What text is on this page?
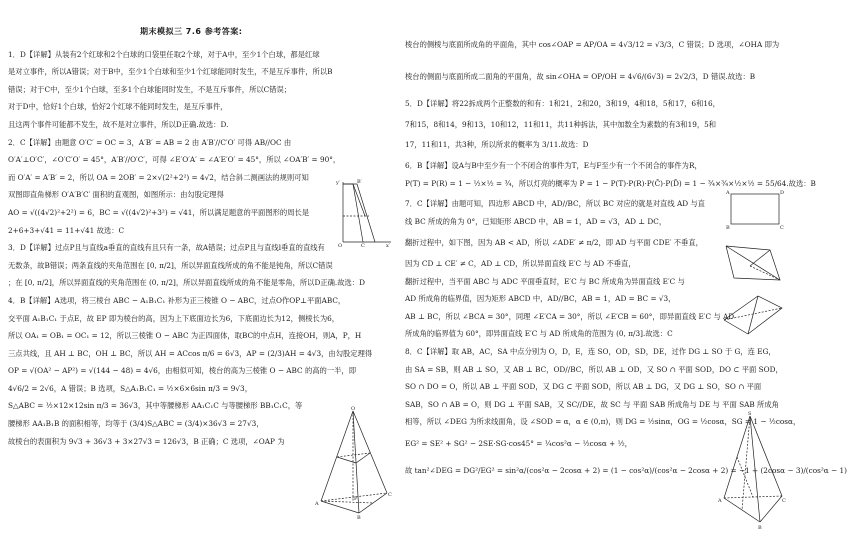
期末模拟三 7.6 参考答案:
1．D【详解】从装有2个红球和2个白球的口袋里任取2个球，对于A中，至少1个白球，都是红球
是对立事件，所以A错误；对于B中，至少1个白球和至少1个红球能同时发生，不是互斥事件，所以B
错误；对于C中，至少1个白球，至多1个白球能同时发生，不是互斥事件，所以C错误；
对于D中，恰好1个白球，恰好2个红球不能同时发生，是互斥事件，
且这两个事件可能都不发生，故不是对立事件，所以D正确.故选：D.
2．C【详解】由题意 O′C′ = OC = 3，A′B′ = AB = 2 由 A′B′//C′O′ 可得 AB//OC 由
O′A′⊥O′C′，∠O′C′O′ = 45°，A′B′//O′C′，可得 ∠E′O′A′ = ∠A′E′O′ = 45°，所以 ∠OA′B′ = 90°，
而 O′A′ = A′B′ = 2，所以 OA = 2OB′ = 2×√(2²+2²) = 4√2，结合斜二测画法的规则可知
双图即直角梯形 O′A′B′C′ 面积的直观图，如图所示：由勾股定理得
AO = √((4√2)²+2²) = 6，BC = √((4√2)²+3²) = √41，所以满足题意的平面图形的周长是
2+6+3+√41 = 11+√41 故选：C
3．D【详解】过点P且与直线a垂直的直线有且只有一条，故A错误；过点P且与直线l垂直的直线有
无数条，故B错误；两条直线的夹角范围在 [0, π/2]，所以异面直线所成的角不能是钝角，所以C错误
；在 [0, π/2]，所以异面直线的夹角范围在 (0, π/2]，所以异面直线所成的角不能是零角，所以D正确.故选：D
4．B【详解】A选项，将三棱台 ABC − A₁B₁C₁ 补形为正三棱锥 O − ABC，过点O作OP⊥平面ABC，
交平面 A₁B₁C₁ 于点E，故 EP 即为棱台的高，因为上下底面边长为6，下底面边长为12，侧棱长为6，
所以 OA₁ = OB₁ = OC₁ = 12，所以三棱锥 O − ABC 为正四面体，取BC的中点H，连接OH，则A，P，H
三点共线，且 AH ⊥ BC，OH ⊥ BC，所以 AH = ACcos π/6 = 6√3，AP = (2/3)AH = 4√3，由勾股定理得
OP = √(OA² − AP²) = √(144 − 48) = 4√6，由相似可知，棱台的高为三棱锥 O − ABC 的高的一半，即
4√6/2 = 2√6，A 错误；B 选项，S△A₁B₁C₁ = ½×6×6sin π/3 = 9√3，
S△ABC = ½×12×12sin π/3 = 36√3，其中等腰梯形 AA₁C₁C 与等腰梯形 BB₁C₁C，等
腰梯形 AA₁B₁B 的面积相等，均等于 (3/4)S△ABC = (3/4)×36√3 = 27√3，
故棱台的表面积为 9√3 + 36√3 + 3×27√3 = 126√3，B 正确；C 选项，∠OAP 为
棱台的侧棱与底面所成角的平面角，其中 cos∠OAP = AP/OA = 4√3/12 = √3/3，C 错误；D 选项，∠OHA 即为
棱台的侧面与底面所成二面角的平面角，故 sin∠OHA = OP/OH = 4√6/(6√3) = 2√2/3，D 错误.故选：B
5．D【详解】将22拆成两个正整数的和有：1和21，2和20，3和19，4和18，5和17，6和16，
7和15，8和14，9和13，10和12，11和11，共11种拆法，其中加数全为素数的有3和19，5和
17，11和11，共3种，所以所求的概率为 3/11.故选：D
6．B【详解】设A与B中至少有一个不闭合的事件为T，E与F至少有一个不闭合的事件为R，
P(T) = P(R) = 1 − ½×½ = ¾，所以灯亮的概率为 P = 1 − P(T)·P(R)·P(C̄)·P(D̄) = 1 − ¾×¾×½×½ = 55/64.故选：B
7．C【详解】由题可知，四边形 ABCD 中，AD//BC，所以 BC 对应的就是对直线 AD 与直
线 BC 所成的角为 0°，已知矩形 ABCD 中，AB = 1，AD = √3，AD ⊥ DC，
翻折过程中，如下图，因为 AB < AD，所以 ∠ADE′ ≠ π/2，即 AD 与平面 CDE′ 不垂直，
因为 CD ⊥ CE′ ≠ C，AD ⊥ CD，所以异面直线 E′C 与 AD 不垂直，
翻折过程中，当平面 ABC 与 ADC 平面垂直时，E′C 与 BC 所成角为异面直线 E′C 与
AD 所成角的临界值，因为矩形 ABCD 中，AD//BC，AB = 1，AD = BC = √3，
AB ⊥ BC，所以 ∠BCA = 30°，同理 ∠E′CA = 30°，所以 ∠E′CB = 60°，即异面直线 E′C 与 AD
所成角的临界值为 60°，即异面直线 E′C 与 AD 所成角的范围为 (0, π/3].故选：C
8．C【详解】取 AB，AC，SA 中点分别为 O，D，E，连 SO，OD，SD，DE，过作 DG ⊥ SO 于 G，连 EG，
由 SA = SB，则 AB ⊥ SO，又 AB ⊥ BC，OD//BC，所以 AB ⊥ OD，又 SO ∩ 平面 SOD，DO ⊂ 平面 SOD，
SO ∩ DO = O，所以 AB ⊥ 平面 SOD，又 DG ⊂ 平面 SOD，所以 AB ⊥ DG，又 DG ⊥ SO，SO ∩ 平面
SAB，SO ∩ AB = O，则 DG ⊥ 平面 SAB，又 SC//DE，故 SC 与 平面 SAB 所成角与 DE 与 平面 SAB 所成角
相等，所以 ∠DEG 为所求线面角，设 ∠SOD = α，α ∈ (0,π)，则 DG = ½sinα，OG = ½cosα，SG = 1 − ½cosα，
EG² = SE² + SG² − 2SE·SG·cos45° = ¼cos²α − ½cosα + ½，
故 tan²∠DEG = DG²/EG² = sin²α/(cos²α − 2cosα + 2) = (1 − cos²α)/(cos²α − 2cosα + 2) = −1 + (2cosα − 3)/(cos²α − 1)
y′	B′
O	C	x′
O
A
B
C
P
A
B	C
D
S
A
B
C
